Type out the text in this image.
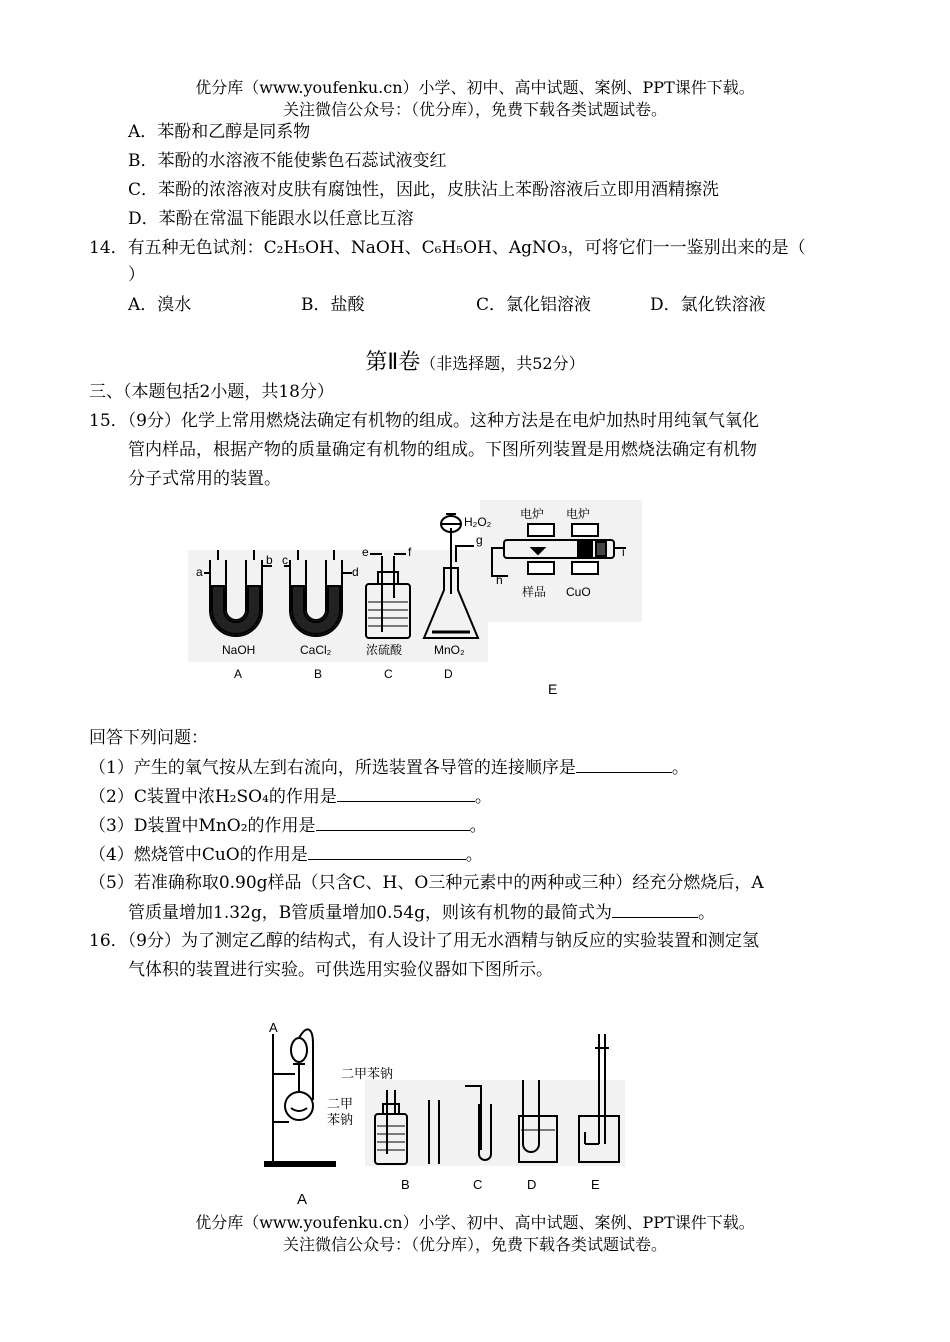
优分库（www.youfenku.cn）小学、初中、高中试题、案例、PPT课件下载。
关注微信公众号：（优分库），免费下载各类试题试卷。
A．苯酚和乙醇是同系物
B．苯酚的水溶液不能使紫色石蕊试液变红
C．苯酚的浓溶液对皮肤有腐蚀性，因此，皮肤沾上苯酚溶液后立即用酒精擦洗
D．苯酚在常温下能跟水以任意比互溶
14．有五种无色试剂：C₂H₅OH、NaOH、C₆H₅OH、AgNO₃，可将它们一一鉴别出来的是（
）
A．溴水	B．盐酸	C．氯化铝溶液	D．氯化铁溶液
第Ⅱ卷（非选择题，共52分）
三、（本题包括2小题，共18分）
15．（9分）化学上常用燃烧法确定有机物的组成。这种方法是在电炉加热时用纯氧气氧化
管内样品，根据产物的质量确定有机物的组成。下图所列装置是用燃烧法确定有机物
分子式常用的装置。
a
b c
d
e	f
g
h
i
H₂O₂
电炉 电炉
样品 CuO
NaOH	CaCl₂	浓硫酸	MnO₂
A	B	C	D
E
回答下列问题：
（1）产生的氧气按从左到右流向，所选装置各导管的连接顺序是	。
（2）C装置中浓H₂SO₄的作用是	。
（3）D装置中MnO₂的作用是	。
（4）燃烧管中CuO的作用是	。
（5）若准确称取0.90g样品（只含C、H、O三种元素中的两种或三种）经充分燃烧后，A
管质量增加1.32g，B管质量增加0.54g，则该有机物的最简式为	。
16．（9分）为了测定乙醇的结构式，有人设计了用无水酒精与钠反应的实验装置和测定氢
气体积的装置进行实验。可供选用实验仪器如下图所示。
A
二甲苯钠
二甲
苯钠
B	C	D	E
A
优分库（www.youfenku.cn）小学、初中、高中试题、案例、PPT课件下载。
关注微信公众号：（优分库），免费下载各类试题试卷。
